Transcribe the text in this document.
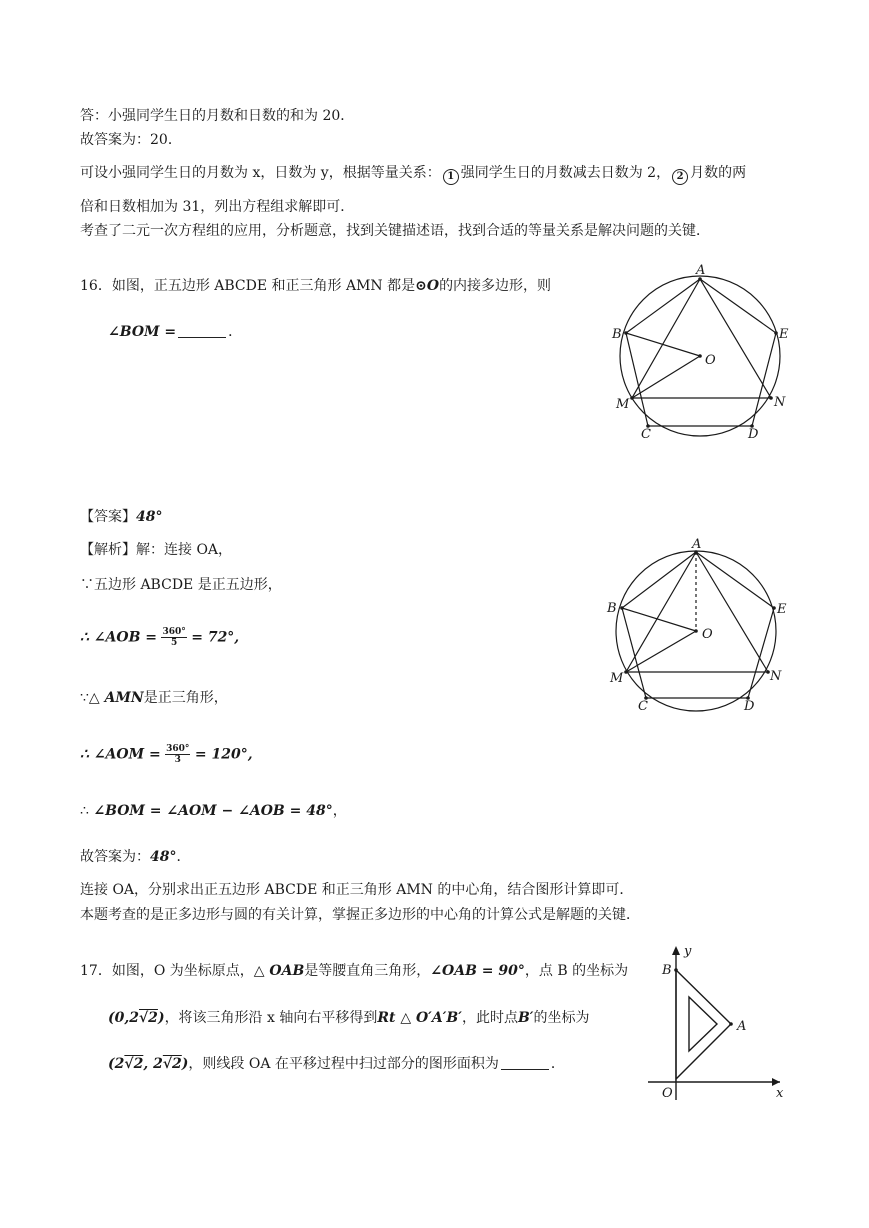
答：小强同学生日的月数和日数的和为 20．
故答案为：20．
可设小强同学生日的月数为 x，日数为 y，根据等量关系： 1 强同学生日的月数减去日数为 2， 2 月数的两
倍和日数相加为 31，列出方程组求解即可．
考查了二元一次方程组的应用，分析题意，找到关键描述语，找到合适的等量关系是解决问题的关键．
16．如图，正五边形 ABCDE 和正三角形 AMN 都是⊙O的内接多边形，则
∠BOM =	．
A
B
C	D
E
M	N
O
【答案】48°
【解析】解：连接 OA，
∵五边形 ABCDE 是正五边形，
∴ ∠AOB = $\frac{360^\circ}{5} = 72^\circ$,
∵△ AMN是正三角形，
∴ ∠AOM = $\frac{360^\circ}{3} = 120^\circ$,
∴ ∠BOM = ∠AOM − ∠AOB = 48°，
故答案为：48°．
连接 OA，分别求出正五边形 ABCDE 和正三角形 AMN 的中心角，结合图形计算即可．
本题考查的是正多边形与圆的有关计算，掌握正多边形的中心角的计算公式是解题的关键．
A
B
C	D
E
M	N
O
17．如图，O 为坐标原点，△ OAB是等腰直角三角形，∠OAB = 90°，点 B 的坐标为
(0,2√2)，将该三角形沿 x 轴向右平移得到Rt △ O′A′B′，此时点B′的坐标为
(2√2, 2√2)，则线段 OA 在平移过程中扫过部分的图形面积为	．
B
A
O	x
y
